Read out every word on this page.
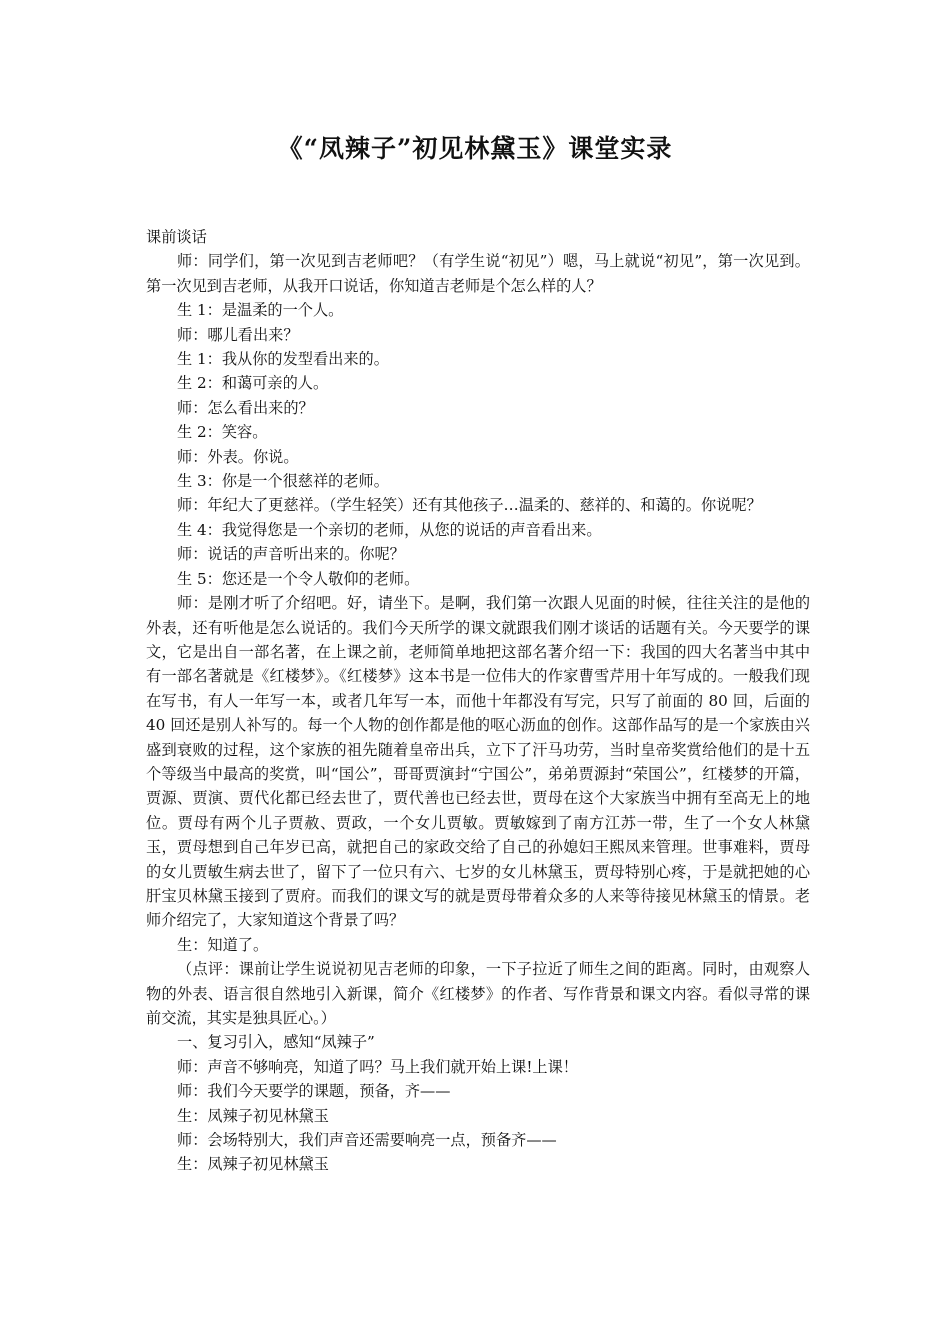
《“凤辣子”初见林黛玉》课堂实录

课前谈话

师：同学们，第一次见到吉老师吧？（有学生说“初见”）嗯，马上就说“初见”，第一次见到。第一次见到吉老师，从我开口说话，你知道吉老师是个怎么样的人？

生 1：是温柔的一个人。

师：哪儿看出来？

生 1：我从你的发型看出来的。

生 2：和蔼可亲的人。

师：怎么看出来的？

生 2：笑容。

师：外表。你说。

生 3：你是一个很慈祥的老师。

师：年纪大了更慈祥。（学生轻笑）还有其他孩子…温柔的、慈祥的、和蔼的。你说呢？

生 4：我觉得您是一个亲切的老师，从您的说话的声音看出来。

师：说话的声音听出来的。你呢？

生 5：您还是一个令人敬仰的老师。

师：是刚才听了介绍吧。好，请坐下。是啊，我们第一次跟人见面的时候，往往关注的是他的外表，还有听他是怎么说话的。我们今天所学的课文就跟我们刚才谈话的话题有关。今天要学的课文，它是出自一部名著，在上课之前，老师简单地把这部名著介绍一下：我国的四大名著当中其中有一部名著就是《红楼梦》。《红楼梦》这本书是一位伟大的作家曹雪芹用十年写成的。一般我们现在写书，有人一年写一本，或者几年写一本，而他十年都没有写完，只写了前面的 80 回，后面的 40 回还是别人补写的。每一个人物的创作都是他的呕心沥血的创作。这部作品写的是一个家族由兴盛到衰败的过程，这个家族的祖先随着皇帝出兵，立下了汗马功劳，当时皇帝奖赏给他们的是十五个等级当中最高的奖赏，叫“国公”，哥哥贾演封“宁国公”，弟弟贾源封“荣国公”，红楼梦的开篇，贾源、贾演、贾代化都已经去世了，贾代善也已经去世，贾母在这个大家族当中拥有至高无上的地位。贾母有两个儿子贾赦、贾政，一个女儿贾敏。贾敏嫁到了南方江苏一带，生了一个女人林黛玉，贾母想到自己年岁已高，就把自己的家政交给了自己的孙媳妇王熙凤来管理。世事难料，贾母的女儿贾敏生病去世了，留下了一位只有六、七岁的女儿林黛玉，贾母特别心疼，于是就把她的心肝宝贝林黛玉接到了贾府。而我们的课文写的就是贾母带着众多的人来等待接见林黛玉的情景。老师介绍完了，大家知道这个背景了吗？

生：知道了。

（点评：课前让学生说说初见吉老师的印象，一下子拉近了师生之间的距离。同时，由观察人物的外表、语言很自然地引入新课，简介《红楼梦》的作者、写作背景和课文内容。看似寻常的课前交流，其实是独具匠心。）

一、复习引入，感知“凤辣子”

师：声音不够响亮，知道了吗？马上我们就开始上课!上课！

师：我们今天要学的课题，预备，齐——

生：凤辣子初见林黛玉

师：会场特别大，我们声音还需要响亮一点，预备齐——

生：凤辣子初见林黛玉
